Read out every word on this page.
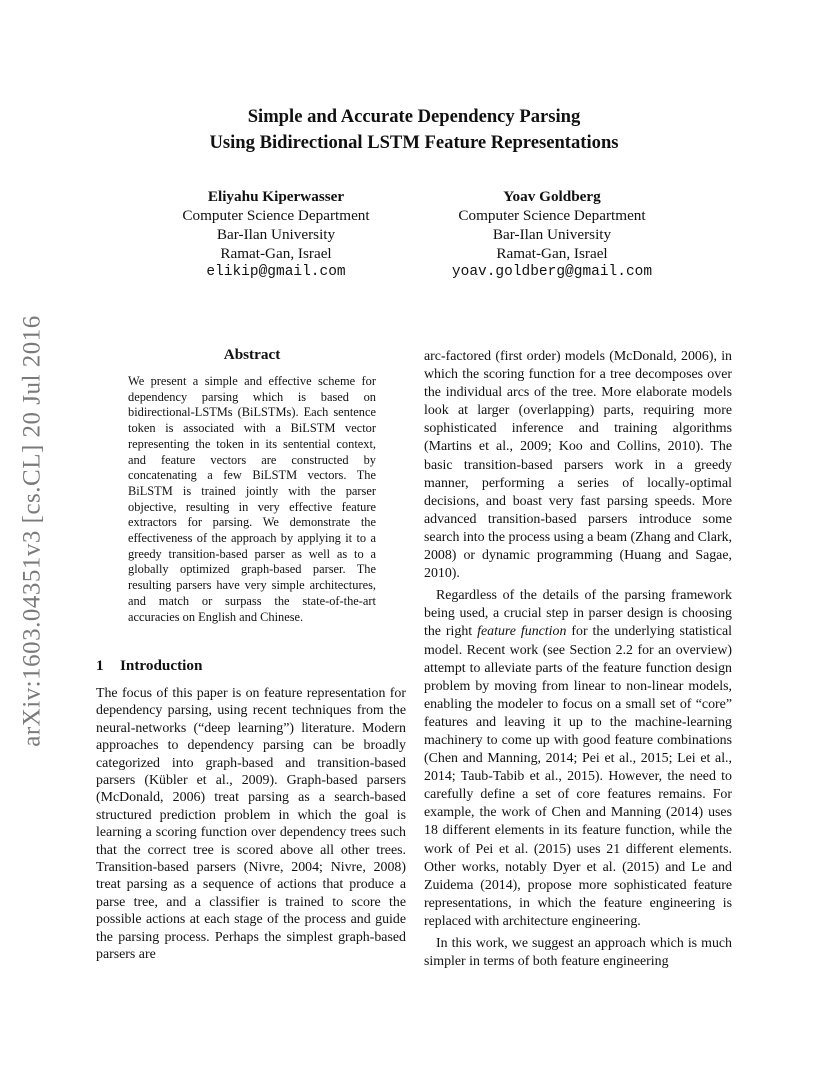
arXiv:1603.04351v3 [cs.CL] 20 Jul 2016
Simple and Accurate Dependency Parsing
Using Bidirectional LSTM Feature Representations
Eliyahu Kiperwasser
Computer Science Department
Bar-Ilan University
Ramat-Gan, Israel
elikip@gmail.com
Yoav Goldberg
Computer Science Department
Bar-Ilan University
Ramat-Gan, Israel
yoav.goldberg@gmail.com
Abstract

We present a simple and effective scheme for dependency parsing which is based on bidirectional-LSTMs (BiLSTMs). Each sentence token is associated with a BiLSTM vector representing the token in its sentential context, and feature vectors are constructed by concatenating a few BiLSTM vectors. The BiLSTM is trained jointly with the parser objective, resulting in very effective feature extractors for parsing. We demonstrate the effectiveness of the approach by applying it to a greedy transition-based parser as well as to a globally optimized graph-based parser. The resulting parsers have very simple architectures, and match or surpass the state-of-the-art accuracies on English and Chinese.

1 Introduction

The focus of this paper is on feature representation for dependency parsing, using recent techniques from the neural-networks (“deep learning”) literature. Modern approaches to dependency parsing can be broadly categorized into graph-based and transition-based parsers (Kübler et al., 2009). Graph-based parsers (McDonald, 2006) treat parsing as a search-based structured prediction problem in which the goal is learning a scoring function over dependency trees such that the correct tree is scored above all other trees. Transition-based parsers (Nivre, 2004; Nivre, 2008) treat parsing as a sequence of actions that produce a parse tree, and a classifier is trained to score the possible actions at each stage of the process and guide the parsing process. Perhaps the simplest graph-based parsers are

arc-factored (first order) models (McDonald, 2006), in which the scoring function for a tree decomposes over the individual arcs of the tree. More elaborate models look at larger (overlapping) parts, requiring more sophisticated inference and training algorithms (Martins et al., 2009; Koo and Collins, 2010). The basic transition-based parsers work in a greedy manner, performing a series of locally-optimal decisions, and boast very fast parsing speeds. More advanced transition-based parsers introduce some search into the process using a beam (Zhang and Clark, 2008) or dynamic programming (Huang and Sagae, 2010).

Regardless of the details of the parsing framework being used, a crucial step in parser design is choosing the right feature function for the underlying statistical model. Recent work (see Section 2.2 for an overview) attempt to alleviate parts of the feature function design problem by moving from linear to non-linear models, enabling the modeler to focus on a small set of “core” features and leaving it up to the machine-learning machinery to come up with good feature combinations (Chen and Manning, 2014; Pei et al., 2015; Lei et al., 2014; Taub-Tabib et al., 2015). However, the need to carefully define a set of core features remains. For example, the work of Chen and Manning (2014) uses 18 different elements in its feature function, while the work of Pei et al. (2015) uses 21 different elements. Other works, notably Dyer et al. (2015) and Le and Zuidema (2014), propose more sophisticated feature representations, in which the feature engineering is replaced with architecture engineering.

In this work, we suggest an approach which is much simpler in terms of both feature engineering
